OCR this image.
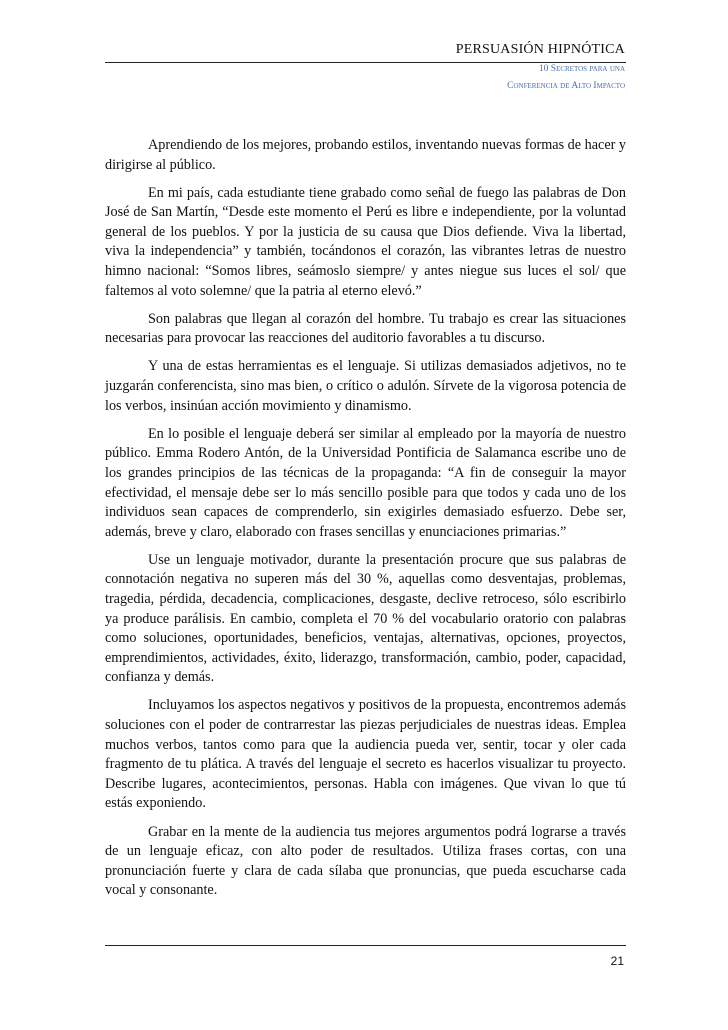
PERSUASIÓN HIPNÓTICA
10 Secretos para una
Conferencia de Alto Impacto

Aprendiendo de los mejores, probando estilos, inventando nuevas formas de hacer y dirigirse al público.

En mi país, cada estudiante tiene grabado como señal de fuego las palabras de Don José de San Martín, “Desde este momento el Perú es libre e independiente, por la voluntad general de los pueblos. Y por la justicia de su causa que Dios defiende. Viva la libertad, viva la independencia” y también, tocándonos el corazón, las vibrantes letras de nuestro himno nacional: “Somos libres, seámoslo siempre/ y antes niegue sus luces el sol/ que faltemos al voto solemne/ que la patria al eterno elevó.”

Son palabras que llegan al corazón del hombre. Tu trabajo es crear las situaciones necesarias para provocar las reacciones del auditorio favorables a tu discurso.

Y una de estas herramientas es el lenguaje. Si utilizas demasiados adjetivos, no te juzgarán conferencista, sino mas bien, o crítico o adulón. Sírvete de la vigorosa potencia de los verbos, insinúan acción movimiento y dinamismo.

En lo posible el lenguaje deberá ser similar al empleado por la mayoría de nuestro público. Emma Rodero Antón, de la Universidad Pontificia de Salamanca escribe uno de los grandes principios de las técnicas de la propaganda: “A fin de conseguir la mayor efectividad, el mensaje debe ser lo más sencillo posible para que todos y cada uno de los individuos sean capaces de comprenderlo, sin exigirles demasiado esfuerzo. Debe ser, además, breve y claro, elaborado con frases sencillas y enunciaciones primarias.”

Use un lenguaje motivador, durante la presentación procure que sus palabras de connotación negativa no superen más del 30 %, aquellas como desventajas, problemas, tragedia, pérdida, decadencia, complicaciones, desgaste, declive retroceso, sólo escribirlo ya produce parálisis. En cambio, completa el 70 % del vocabulario oratorio con palabras como soluciones, oportunidades, beneficios, ventajas, alternativas, opciones, proyectos, emprendimientos, actividades, éxito, liderazgo, transformación, cambio, poder, capacidad, confianza y demás.

Incluyamos los aspectos negativos y positivos de la propuesta, encontremos además soluciones con el poder de contrarrestar las piezas perjudiciales de nuestras ideas. Emplea muchos verbos, tantos como para que la audiencia pueda ver, sentir, tocar y oler cada fragmento de tu plática. A través del lenguaje el secreto es hacerlos visualizar tu proyecto. Describe lugares, acontecimientos, personas. Habla con imágenes. Que vivan lo que tú estás exponiendo.

Grabar en la mente de la audiencia tus mejores argumentos podrá lograrse a través de un lenguaje eficaz, con alto poder de resultados. Utiliza frases cortas, con una pronunciación fuerte y clara de cada sílaba que pronuncias, que pueda escucharse cada vocal y consonante.

21
